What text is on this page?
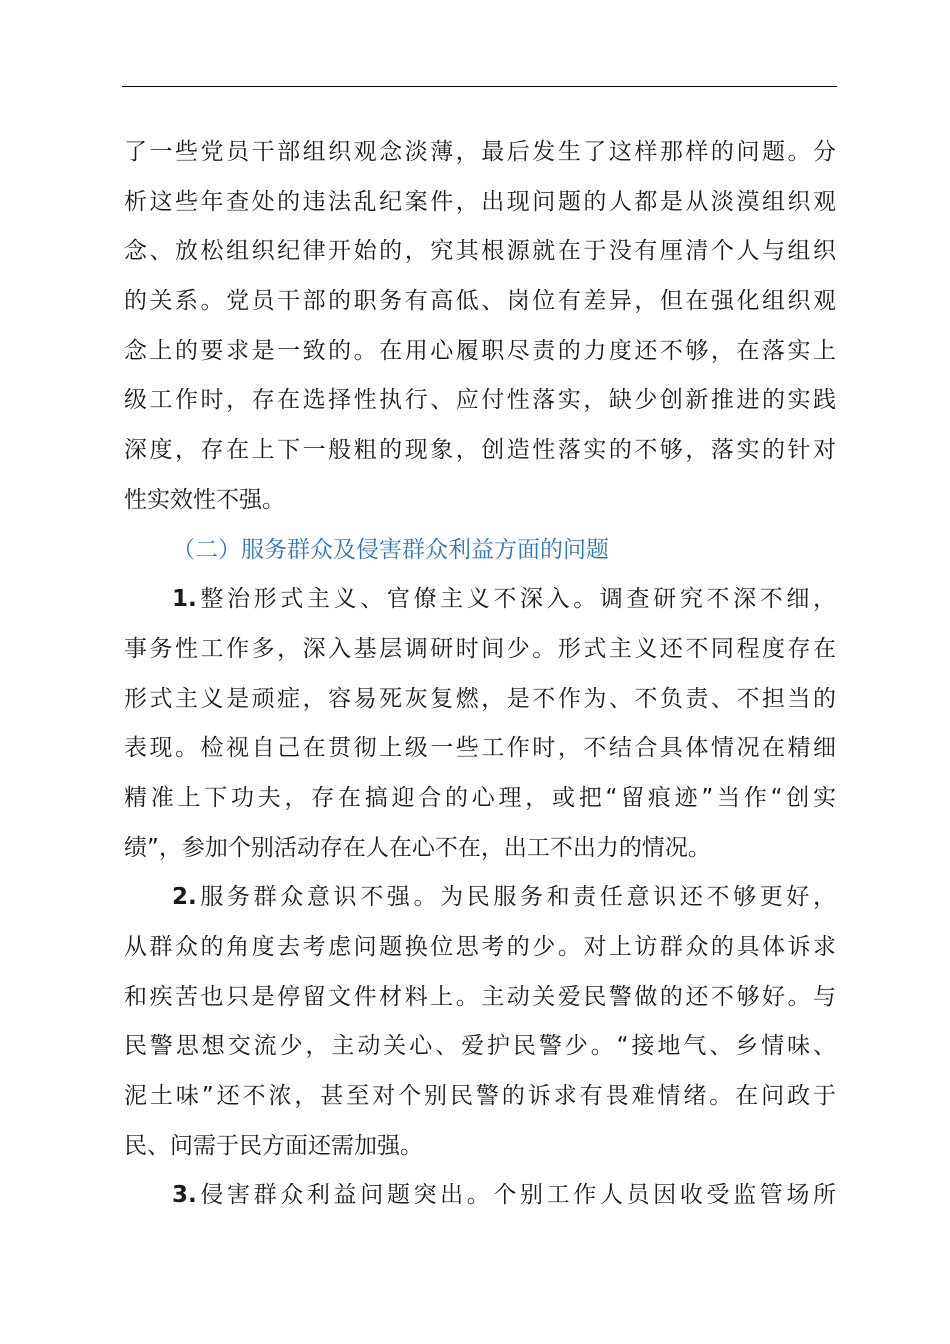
了一些党员干部组织观念淡薄，最后发生了这样那样的问题。分
析这些年查处的违法乱纪案件，出现问题的人都是从淡漠组织观
念、放松组织纪律开始的，究其根源就在于没有厘清个人与组织
的关系。党员干部的职务有高低、岗位有差异，但在强化组织观
念上的要求是一致的。在用心履职尽责的力度还不够，在落实上
级工作时，存在选择性执行、应付性落实，缺少创新推进的实践
深度，存在上下一般粗的现象，创造性落实的不够，落实的针对
性实效性不强。
（二）服务群众及侵害群众利益方面的问题
1.整治形式主义、官僚主义不深入。调查研究不深不细，
事务性工作多，深入基层调研时间少。形式主义还不同程度存在
形式主义是顽症，容易死灰复燃，是不作为、不负责、不担当的
表现。检视自己在贯彻上级一些工作时，不结合具体情况在精细
精准上下功夫，存在搞迎合的心理，或把“留痕迹”当作“创实
绩”，参加个别活动存在人在心不在，出工不出力的情况。
2.服务群众意识不强。为民服务和责任意识还不够更好，
从群众的角度去考虑问题换位思考的少。对上访群众的具体诉求
和疾苦也只是停留文件材料上。主动关爱民警做的还不够好。与
民警思想交流少，主动关心、爱护民警少。“接地气、乡情味、
泥土味”还不浓，甚至对个别民警的诉求有畏难情绪。在问政于
民、问需于民方面还需加强。
3.侵害群众利益问题突出。个别工作人员因收受监管场所
